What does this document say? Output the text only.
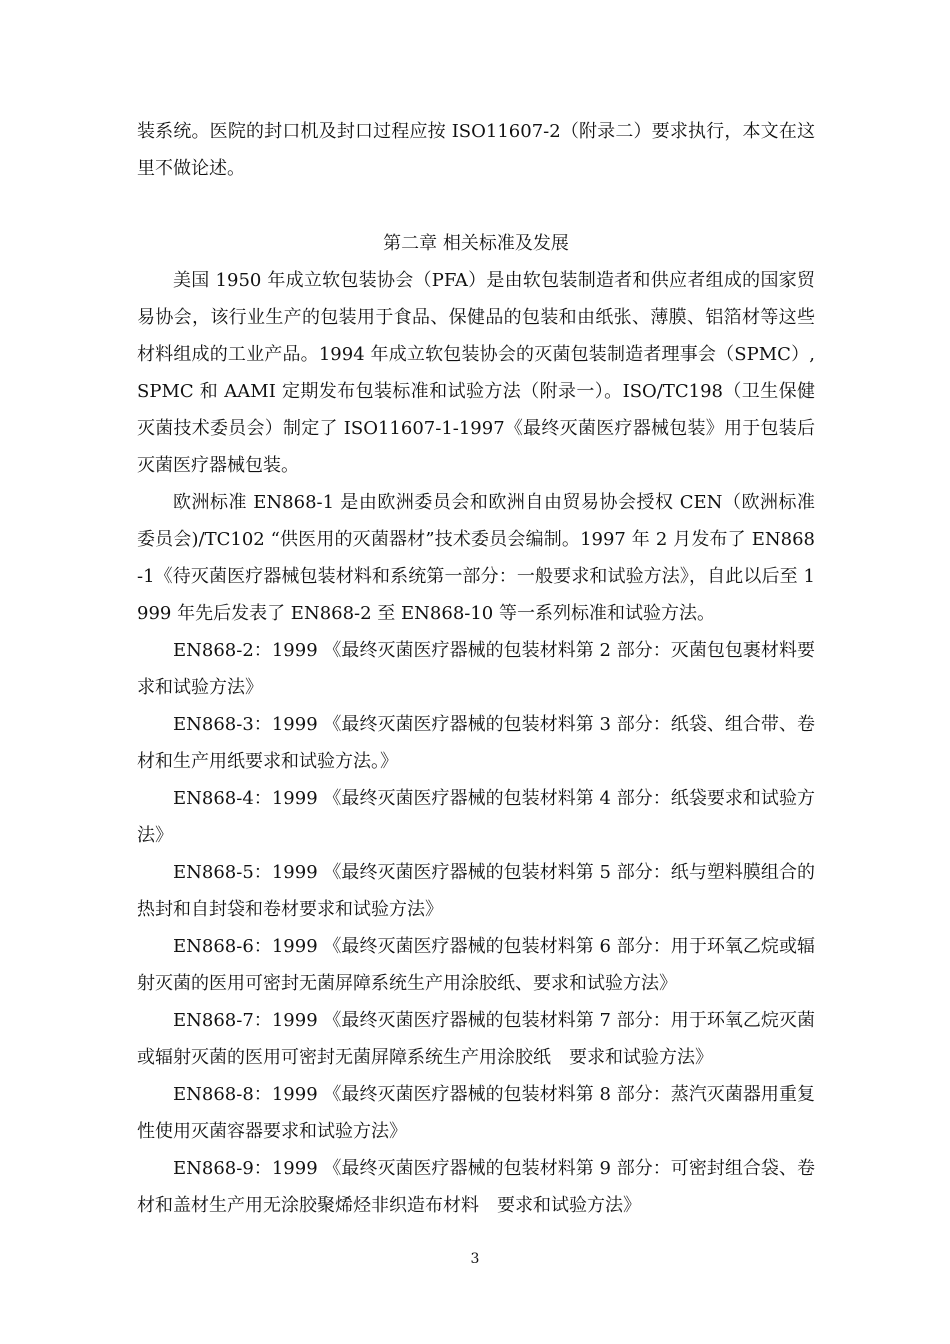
装系统。医院的封口机及封口过程应按 ISO11607-2（附录二）要求执行，本文在这里不做论述。

第二章 相关标准及发展

美国 1950 年成立软包装协会（PFA）是由软包装制造者和供应者组成的国家贸易协会，该行业生产的包装用于食品、保健品的包装和由纸张、薄膜、铝箔材等这些材料组成的工业产品。1994 年成立软包装协会的灭菌包装制造者理事会（SPMC）, SPMC 和 AAMI 定期发布包装标准和试验方法（附录一）。ISO/TC198（卫生保健灭菌技术委员会）制定了 ISO11607-1-1997《最终灭菌医疗器械包装》用于包装后灭菌医疗器械包装。

欧洲标准 EN868-1 是由欧洲委员会和欧洲自由贸易协会授权 CEN（欧洲标准委员会)/TC102 “供医用的灭菌器材”技术委员会编制。1997 年 2 月发布了 EN868-1《待灭菌医疗器械包装材料和系统第一部分：一般要求和试验方法》，自此以后至 1999 年先后发表了 EN868-2 至 EN868-10 等一系列标准和试验方法。

EN868-2：1999 《最终灭菌医疗器械的包装材料第 2 部分：灭菌包包裹材料要求和试验方法》

EN868-3：1999 《最终灭菌医疗器械的包装材料第 3 部分：纸袋、组合带、卷材和生产用纸要求和试验方法。》

EN868-4：1999 《最终灭菌医疗器械的包装材料第 4 部分：纸袋要求和试验方法》

EN868-5：1999 《最终灭菌医疗器械的包装材料第 5 部分：纸与塑料膜组合的热封和自封袋和卷材要求和试验方法》

EN868-6：1999 《最终灭菌医疗器械的包装材料第 6 部分：用于环氧乙烷或辐射灭菌的医用可密封无菌屏障系统生产用涂胶纸、要求和试验方法》

EN868-7：1999 《最终灭菌医疗器械的包装材料第 7 部分：用于环氧乙烷灭菌或辐射灭菌的医用可密封无菌屏障系统生产用涂胶纸　要求和试验方法》

EN868-8：1999 《最终灭菌医疗器械的包装材料第 8 部分：蒸汽灭菌器用重复性使用灭菌容器要求和试验方法》

EN868-9：1999 《最终灭菌医疗器械的包装材料第 9 部分：可密封组合袋、卷材和盖材生产用无涂胶聚烯烃非织造布材料　要求和试验方法》

3
